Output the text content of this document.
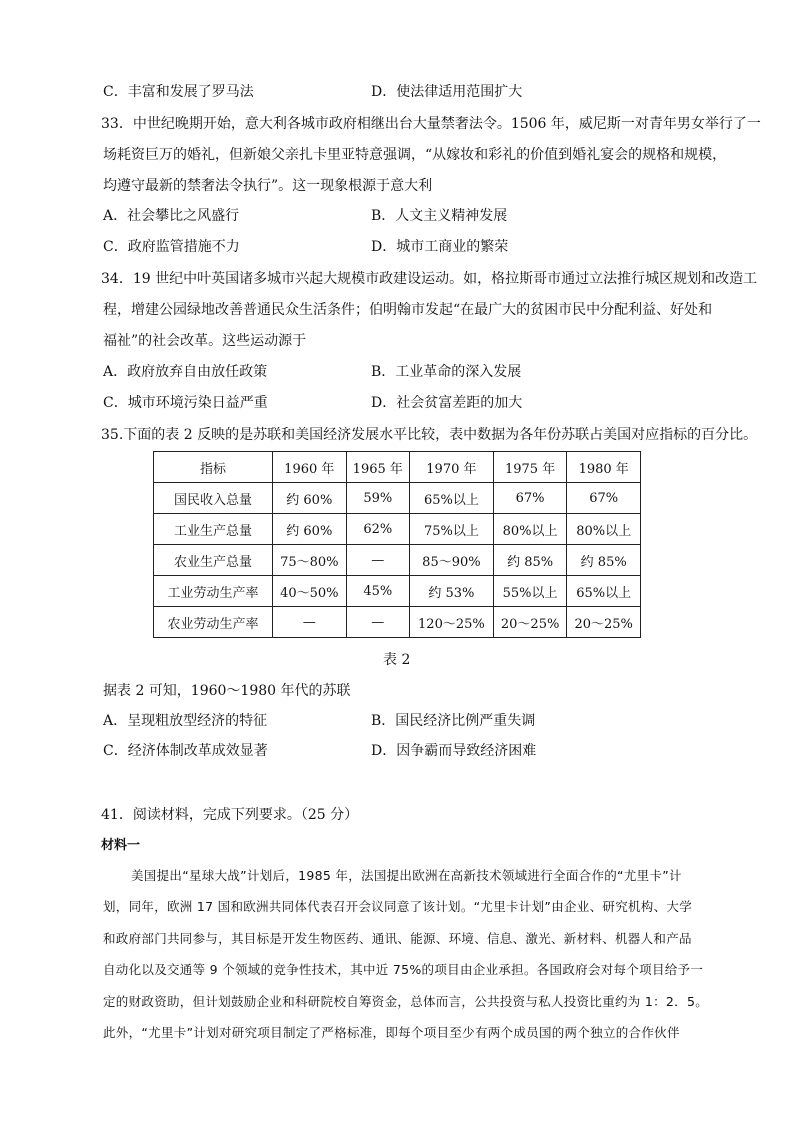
C．丰富和发展了罗马法	D．使法律适用范围扩大
33．中世纪晚期开始，意大利各城市政府相继出台大量禁奢法令。1506 年，威尼斯一对青年男女举行了一
场耗资巨万的婚礼，但新娘父亲扎卡里亚特意强调，“从嫁妆和彩礼的价值到婚礼宴会的规格和规模，
均遵守最新的禁奢法令执行”。这一现象根源于意大利
A．社会攀比之风盛行	B．人文主义精神发展
C．政府监管措施不力	D．城市工商业的繁荣
34．19 世纪中叶英国诸多城市兴起大规模市政建设运动。如，格拉斯哥市通过立法推行城区规划和改造工
程，增建公园绿地改善普通民众生活条件；伯明翰市发起“在最广大的贫困市民中分配利益、好处和
福祉”的社会改革。这些运动源于
A．政府放弃自由放任政策	B．工业革命的深入发展
C．城市环境污染日益严重	D．社会贫富差距的加大
35.下面的表 2 反映的是苏联和美国经济发展水平比较，表中数据为各年份苏联占美国对应指标的百分比。
指标	1960 年	1965 年	1970 年	1975 年	1980 年
国民收入总量	约 60%	59%	65%以上	67%	67%
工业生产总量	约 60%	62%	75%以上	80%以上	80%以上
农业生产总量	75～80%	—	85～90%	约 85%	约 85%
工业劳动生产率	40～50%	45%	约 53%	55%以上	65%以上
农业劳动生产率	—	—	120～25%	20～25%	20～25%
表 2
据表 2 可知，1960～1980 年代的苏联
A．呈现粗放型经济的特征	B．国民经济比例严重失调
C．经济体制改革成效显著	D．因争霸而导致经济困难
41．阅读材料，完成下列要求。（25 分）
材料一
美国提出“星球大战”计划后，1985 年，法国提出欧洲在高新技术领域进行全面合作的“尤里卡”计
划，同年，欧洲 17 国和欧洲共同体代表召开会议同意了该计划。“尤里卡计划”由企业、研究机构、大学
和政府部门共同参与，其目标是开发生物医药、通讯、能源、环境、信息、激光、新材料、机器人和产品
自动化以及交通等 9 个领域的竞争性技术，其中近 75%的项目由企业承担。各国政府会对每个项目给予一
定的财政资助，但计划鼓励企业和科研院校自筹资金，总体而言，公共投资与私人投资比重约为 1：2．5。
此外，“尤里卡”计划对研究项目制定了严格标准，即每个项目至少有两个成员国的两个独立的合作伙伴
